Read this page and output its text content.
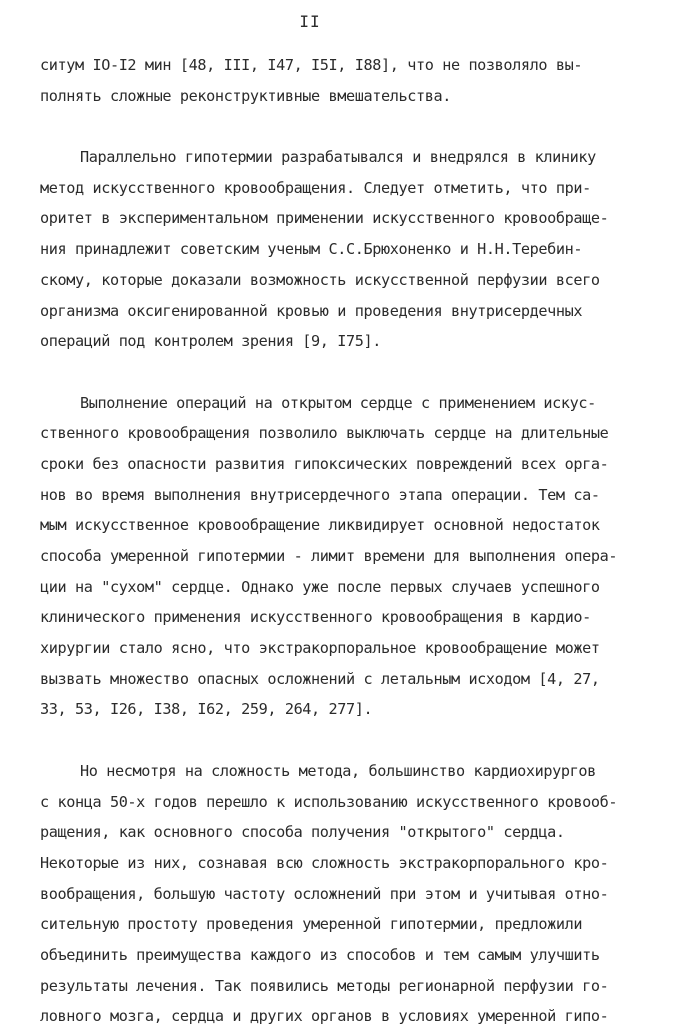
II
ситум IO-I2 мин [48, III, I47, I5I, I88], что не позволяло вы-
полнять сложные реконструктивные вмешательства.
Параллельно гипотермии разрабатывался и внедрялся в клинику
метод искусственного кровообращения. Следует отметить, что при-
оритет в экспериментальном применении искусственного кровообраще-
ния принадлежит советским ученым С.С.Брюхоненко и Н.Н.Теребин-
скому, которые доказали возможность искусственной перфузии всего
организма оксигенированной кровью и проведения внутрисердечных
операций под контролем зрения [9, I75].
Выполнение операций на открытом сердце с применением искус-
ственного кровообращения позволило выключать сердце на длительные
сроки без опасности развития гипоксических повреждений всех орга-
нов во время выполнения внутрисердечного этапа операции. Тем са-
мым искусственное кровообращение ликвидирует основной недостаток
способа умеренной гипотермии - лимит времени для выполнения опера-
ции на "сухом" сердце. Однако уже после первых случаев успешного
клинического применения искусственного кровообращения в кардио-
хирургии стало ясно, что экстракорпоральное кровообращение может
вызвать множество опасных осложнений с летальным исходом [4, 27,
33, 53, I26, I38, I62, 259, 264, 277].
Но несмотря на сложность метода, большинство кардиохирургов
с конца 50-х годов перешло к использованию искусственного кровооб-
ращения, как основного способа получения "открытого" сердца.
Некоторые из них, сознавая всю сложность экстракорпорального кро-
вообращения, большую частоту осложнений при этом и учитывая отно-
сительную простоту проведения умеренной гипотермии, предложили
объединить преимущества каждого из способов и тем самым улучшить
результаты лечения. Так появились методы регионарной перфузии го-
ловного мозга, сердца и других органов в условиях умеренной гипо-
